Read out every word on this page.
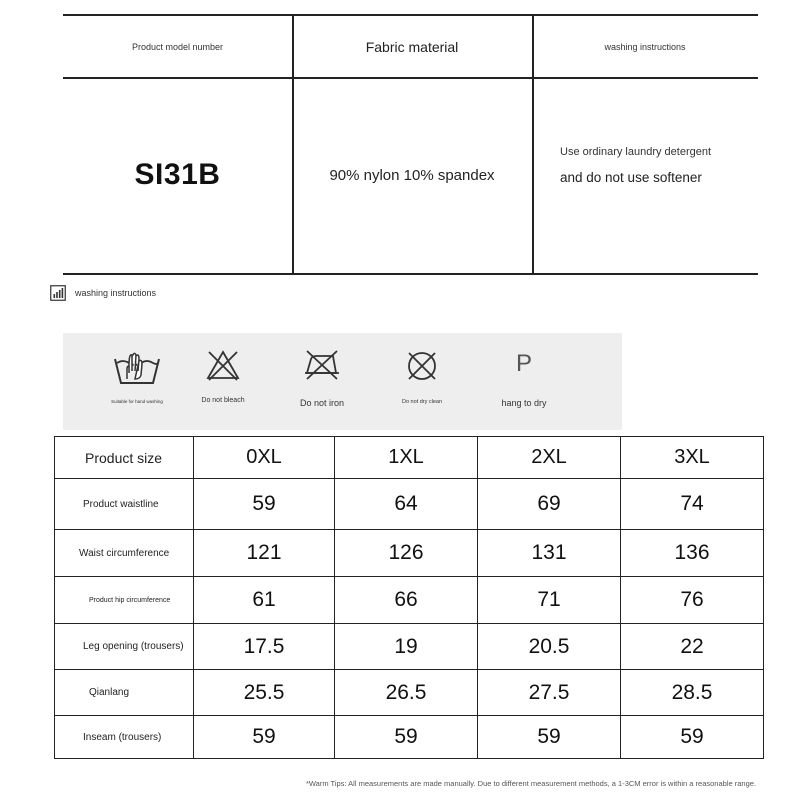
Product model number	Fabric material	washing instructions
SI31B	90% nylon 10% spandex
Use ordinary laundry detergent
and do not use softener
washing instructions
Suitable for hand washing	Do not bleach	Do not iron	Do not dry clean
P
hang to dry
Product size	0XL	1XL	2XL	3XL
Product waistline	59	64	69	74
Waist circumference	121	126	131	136
Product hip circumference	61	66	71	76
Leg opening (trousers)	17.5	19	20.5	22
Qianlang	25.5	26.5	27.5	28.5
Inseam (trousers)	59	59	59	59
*Warm Tips: All measurements are made manually. Due to different measurement methods, a 1-3CM error is within a reasonable range.
